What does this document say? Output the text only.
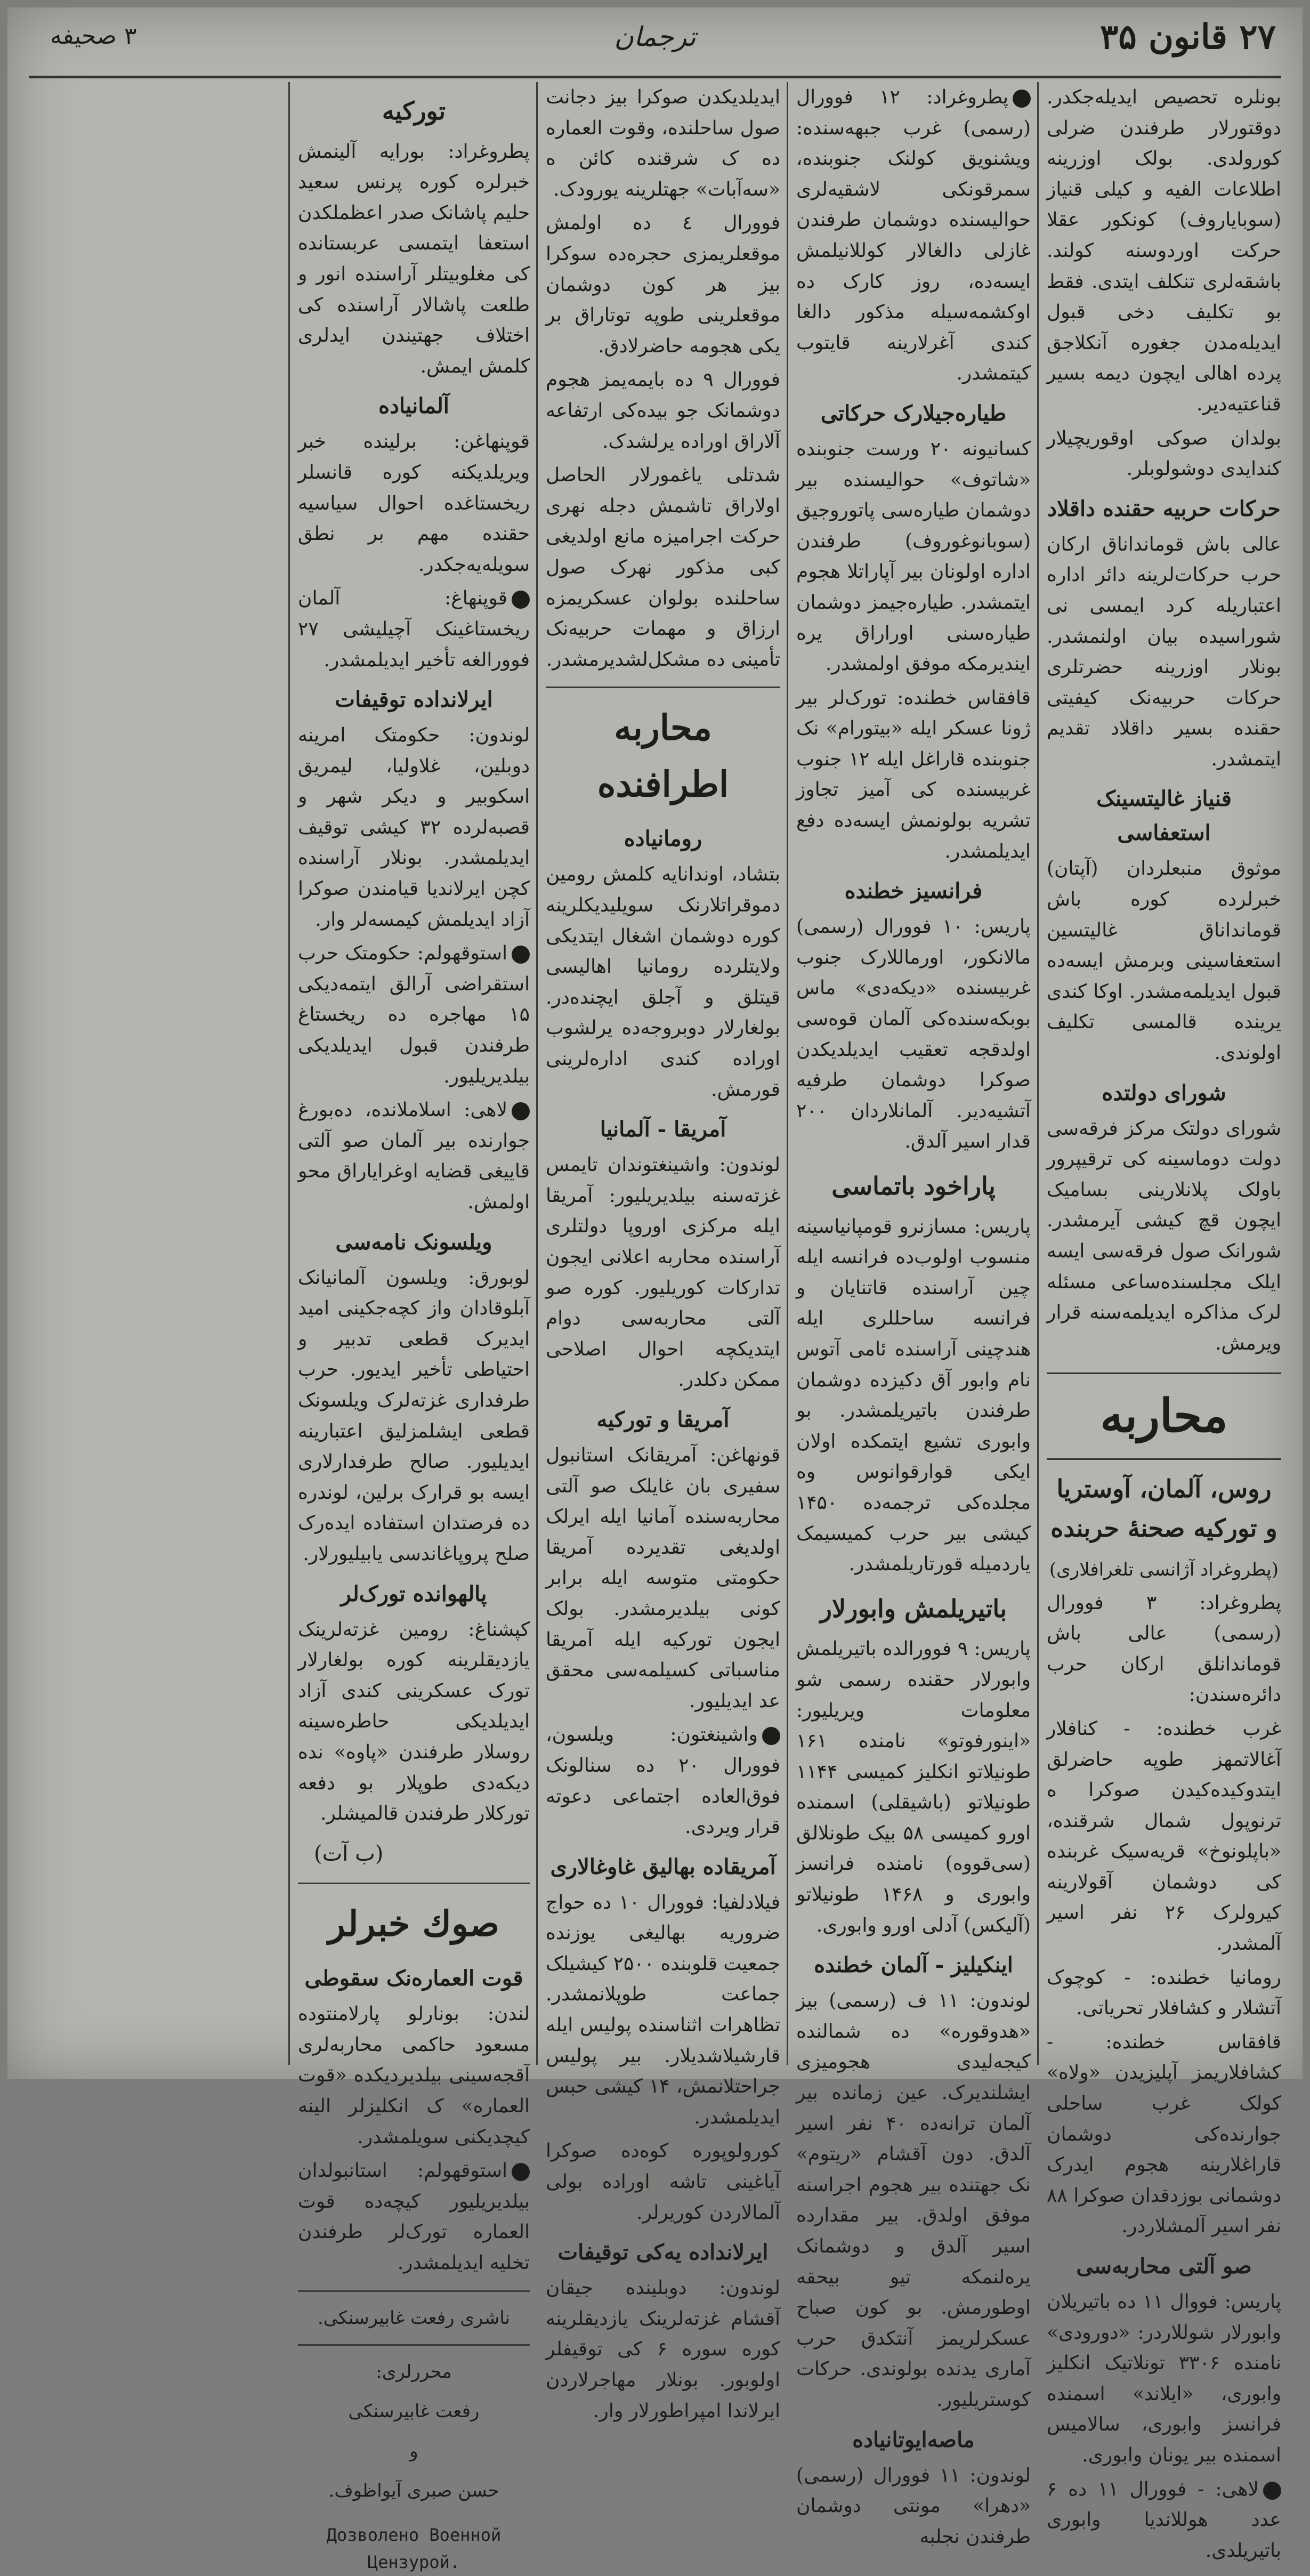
۲۷ قانون ۳۵
ترجمان
۳ صحیفه

بونلره تحصیص ایدیله‌جکدر. دوقتورلار طرفندن ضرلی کورولدی. بولک اوزرینه اطلاعات الفیه و کیلی قنیاز (سوبایاروف) کونکور عقلا حرکت اوردوسنه کولند. باشقه‌لری تنکلف ایتدی. فقط بو تکلیف دخی قبول ایدیله‌مدن جغوره آنکلاجق پرده اهالی ایچون دیمه بسیر قناعتیه‌دیر.

بولدان صوکی اوقوریچیلار کندایدی دوشولوبلر.

حرکات حربیه حقنده داقلاد

عالی باش قومانداناق ارکان حرب حرکات‌لرینه دائر اداره اعتباریله‌ کرد ایمسی نی شوراسیده بیان اولنمشدر. بونلار اوزرینه حضرتلری حرکات حربیه‌نک کیفیتی حقنده بسیر داقلاد تقدیم ایتمشدر.

قنیاز غالیتسینک استعفاسی

موثوق منبعلردان (آپتان) خبرلرده کوره باش قومانداناق غالیتسین استعفاسینی وبرمش ایسه‌ده قبول ایدیلمه‌مشدر. اوکا کندی یرینده قالمسی تکلیف اولوندی.

شورای دولتده

شورای دولتک مرکز فرقه‌سی دولت دوماسینه کی ترقیپرور باولک پلانلارینی بسامیک ایچون قچ کیشی آیرمشدر. شورانک صول فرقه‌سی ایسه ایلک مجلسنده‌ساعی مسئله‌ لرک مذاکره ایدیلمه‌سنه قرار ویرمش.

محاربه
روس، آلمان، آوستریا و تورکیه صحنهٔ حربنده
(پطروغراد آژانسی تلغرافلاری)

پطروغراد: ۳ فوورال (رسمی) عالی باش قوماندانلق ارکان حرب دائره‌سندن:

غرب خطنده: - کنافلار آغالاتمهز طوپه حاضرلق ایتدوکیده‌کیدن صوکرا ه ترنوپول شمال شرقنده، «باپلونوخ» قریه‌سیک غربنده کی دوشمان آقولارینه کیرولرک ۲۶ نفر اسیر آلمشدر.

رومانیا خطنده: - کوچوک آتشلار و کشافلار تحریاتی.

قافقاس خطنده: - کشافلاریمز آپلیزیدن «ولاه» کولک غرب ساحلی جوارنده‌کی دوشمان قاراغلارینه هجوم ایدرک دوشمانی بوزدقدان صوکرا ۸۸ نفر اسیر آلمشلاردر.

صو آلتی محاربه‌سی

پاریس: فووال ۱۱ ده باتیریلان وابورلار شوللاردر: «دورودی» نامنده ۳۳۰۶ تونلاتیک انکلیز وابوری، «ایلاند» اسمنده فرانسز وابوری، سالامیس اسمنده بیر یونان وابوری.

لاهی: - فوورال ۱۱ ده ۶ عدد هوللاندیا وابوری باتیریلدی.

پطروغراد: ۱۲ فوورال (رسمی) غرب جبهه‌سنده: ویشنویق کولنک جنوبنده، سمرقونکی لاشقیه‌لری حوالیسنده دوشمان طرفندن غازلی دالغالار کوللانیلمش ایسه‌ده، روز کارک ده اوکشمه‌سیله مذکور دالغا کندی آغرلارینه قایتوب کیتمشدر.

طیاره‌جیلارک حرکاتی

کسانیونه ۲۰ ورست جنوبنده «شاتوف» حوالیسنده بیر دوشمان طیاره‌سی پاتوروجیق (سوبانوغوروف) طرفندن اداره اولونان بیر آپاراتلا هجوم ایتمشدر. طیاره‌جیمز دوشمان طیاره‌سنی اوراراق یره ایندیرمکه موفق اولمشدر.

قافقاس خطنده: تورک‌لر بیر ژونا عسکر ایله «بیتورام» نک جنوبنده قاراغل ایله ۱۲ جنوب غربیسنده کی آمیز تجاوز تشریه بولونمش ایسه‌ده دفع ایدیلمشدر.

فرانسیز خطنده

پاریس: ۱۰ فوورال (رسمی) مالانکور، اورماللارک جنوب غربیسنده «دیکه‌دی» ماس بوبکه‌سنده‌کی آلمان قوه‌سی اولدقجه تعقیب ایدیلدیکدن صوکرا دوشمان طرفیه آتشیه‌دیر. آلمانلاردان ۲۰۰ قدار اسیر آلدق.

پاراخود باتماسی

پاریس: مسازنرو قومپانیاسینه منسوب اولوب‌ده فرانسه ایله چین آراسنده قاتنایان و فرانسه‌ ساحللری ایله هندچینی آراسنده ئامی آتوس نام وابور آق دکیزده دوشمان طرفندن باتیریلمشدر. بو وابوری تشیع ایتمکده اولان ایکی قوارقوانوس وه مجلده‌کی ترجمه‌ده ۱۴۵۰ کیشی بیر حرب کمیسیمک یاردمیله قورتاریلمشدر.

باتیریلمش وابورلار

پاریس: ۹ فوورالده باتیریلمش وابورلار حقنده رسمی شو معلومات ویریلیور: «اینورفوتو» نامنده ۱۶۱ طونیلاتو انکلیز کمیسی ۱۱۴۴ طونیلاتو (باشیقلی) اسمنده اورو کمیسی ۵۸ بیک طونلالق (سی‌قووه) نامنده فرانسز وابوری و ۱۴۶۸ طونیلاتو (آلیکس) آدلی اورو وابوری.

اینکیلیز - آلمان خطنده

لوندون: ۱۱ ف (رسمی) بیز «هدوقوره» ده شمالنده کیجه‌لیدی هجومیزی ایشلندیرک. عین زمانده بیر آلمان ترانه‌ده ۴۰ نفر اسیر آلدق. دون آقشام «ریتوم» نک جهتنده بیر هجوم اجراسنه موفق اولدق. بیر مقدارده اسیر آلدق و دوشمانک یره‌لنمکه تیو بیحقه اوطورمش. بو کون صباح عسکرلریمز آنتکدق حرب آماری یدنده بولوندی. حرکات کوستریلیور.

ماصه‌ایوتانیاده

لوندون: ۱۱ فوورال (رسمی) «دهرا» مونتی دوشمان طرفندن نجلبه

ایدیلدیکدن صوکرا بیز دجانت صول ساحلنده، وقوت العماره ده ک شرقنده کائن ه «سه‌آبات» جهتلرینه یورودک.

فوورال ٤ ده اولمش موقعلریمزی حجره‌ده سوکرا بیز هر کون دوشمان موقعلرینی طوپه توتاراق بر یکی هجومه حاضرلادق.

فوورال ۹ ده بایمه‌یمز هجوم دوشمانک جو بیده‌کی ارتفاعه آلاراق اوراده یرلشدک.

شدتلی یاغمورلار الحاصل اولاراق تاشمش دجله نهری حرکت اجرامیزه مانع اولدیغی کبی مذکور نهرک صول ساحلنده بولوان عسکریمزه ارزاق و مهمات حربیه‌نک تأمینی ده مشکل‌لشدیرمشدر.

محاربه اطرافنده
رومانیاده

بتشاد، اوندانایه کلمش رومین دموقراتلارنک سویلیدیکلرینه کوره دوشمان اشغال ایتدیکی ولایتلرده رومانیا اهالیسی قیتلق و آجلق ایچنده‌در. بولغارلار دوبروجه‌ده یرلشوب اوراده کندی اداره‌لرینی قورمش.

آمریقا - آلمانیا

لوندون: واشینغتوندان تایمس غزته‌سنه بیلدیریلیور: آمریقا ایله مرکزی اوروپا دولتلری آراسنده محاربه اعلانی ایجون تدارکات کوریلیور. کوره صو آلتی محاربه‌سی دوام ایتدیکچه احوال اصلاحی ممکن دکلدر.

آمریقا و تورکیه

قونهاغن: آمریقانک استانبول سفیری بان غایلک صو آلتی محاربه‌سنده آمانیا ایله ایرلک اولدیغی تقدیرده آمریقا حکومتی متوسه ایله برابر کونی بیلدیرمشدر. بولک ایجون تورکیه ایله آمریقا مناسباتی کسیلمه‌سی محقق عد ایدیلیور.

واشینغتون: ویلسون، فوورال ۲۰ ده سنالونک فوق‌العاده اجتماعی دعوته قرار ویردی.

آمریقاده بهالیق غاوغالاری

فیلادلفیا: فوورال ۱۰ ده حواج ضروریه بهالیغی یوزنده جمعیت قلوبنده ۲۵۰۰ کیشیلک جماعت طوپلانمشدر. تظاهرات اثناسنده پولیس ایله قارشیلاشدیلار. بیر پولیس جراحتلانمش، ۱۴ کیشی حبس ایدیلمشدر.

کورولوپوره کوه‌ده صوکرا آیاغینی تاشه اوراده بولی آلمالاردن کوریرلر.

ایرلانداده یه‌کی توقیفات

لوندون: دوبلینده جیقان آقشام غزته‌لرینک یازدیقلرینه کوره سوره ۶ کی توقیفلر اولوبور. بونلار مهاجرلاردن ایرلاندا امپراطورلار وار.

تورکیه

پطروغراد: بورایه آلینمش خبرلره کوره پرنس سعید حلیم پاشانک صدر اعظملکدن استعفا ایتمسی عربستانده کی مغلوبیتلر آراسنده انور و طلعت پاشالار آراسنده کی اختلاف جهتیندن ایدلری کلمش ایمش.

آلمانیاده

قوپنهاغن: برلینده خبر ویریلدیکنه کوره قانسلر ریخستاغده احوال سیاسیه حقنده مهم بر نطق سویله‌یه‌جکدر.

قوپنهاغ: آلمان ریخستاغینک آچیلیشی ۲۷ فوورالغه تأخیر ایدیلمشدر.

ایرلانداده توقیفات

لوندون: حکومتک امرینه دوبلین، غلاولیا، لیمریق اسکوبیر و دیکر شهر و قصبه‌لرده ۳۲ کیشی توقیف ایدیلمشدر. بونلار آراسنده کچن ایرلاندیا قیامندن صوکرا آزاد ایدیلمش کیمسه‌لر وار.

استوقهولم: حکومتک حرب استقراضی آرالق ایتمه‌دیکی ۱۵ مهاجره ده ریخستاغ طرفندن قبول ایدیلدیکی بیلدیریلیور.

لاهی: اسلاملانده، ده‌بورغ جوارنده بیر آلمان صو آلتی قاییغی قضایه اوغرایاراق محو اولمش.

ویلسونک نامه‌سی

لوبورق: ویلسون آلمانیانک آبلوقادان واز کچه‌جکینی امید ایدیرک قطعی تدبیر و احتیاطی تأخیر ایدیور. حرب طرفداری غزته‌لرک ویلسونک قطعی ایشلمزلیق اعتبارینه ایدیلیور. صالح طرفدارلاری ایسه بو قرارک برلین، لوندره ده فرصتدان استفاده ایده‌رک صلح پروپاغاندسی یابیلیورلار.

پالهوانده تورک‌لر

کپشناغ: رومین غزته‌لرینک یازدیقلرینه کوره بولغارلار تورک عسکرینی کندی آزاد ایدیلدیکی حاطره‌سینه روسلار طرفندن «پاوه» نده دیکه‌دی طوپلار بو دفعه تورکلار طرفندن قالمیشلر.

(ب آت)
صوك خبرلر
قوت العماره‌نک سقوطی

لندن: بونارلو پارلامنتوده مسعود حاکمی محاربه‌لری آقجه‌سینی بیلدیردیکده «قوت العماره» ک انکلیزلر الینه کیچدیکنی سویلمشدر.

استوقهولم: استانبولدان بیلدیریلیور کیچه‌ده قوت العماره تورک‌لر طرفندن تخلیه ایدیلمشدر.

ناشری رفعت غابیرسنکی.
محررلری:
رفعت غابیرسنکی
و
حسن صبری آیواظوف.
Дозволено Военной Цензурой.
